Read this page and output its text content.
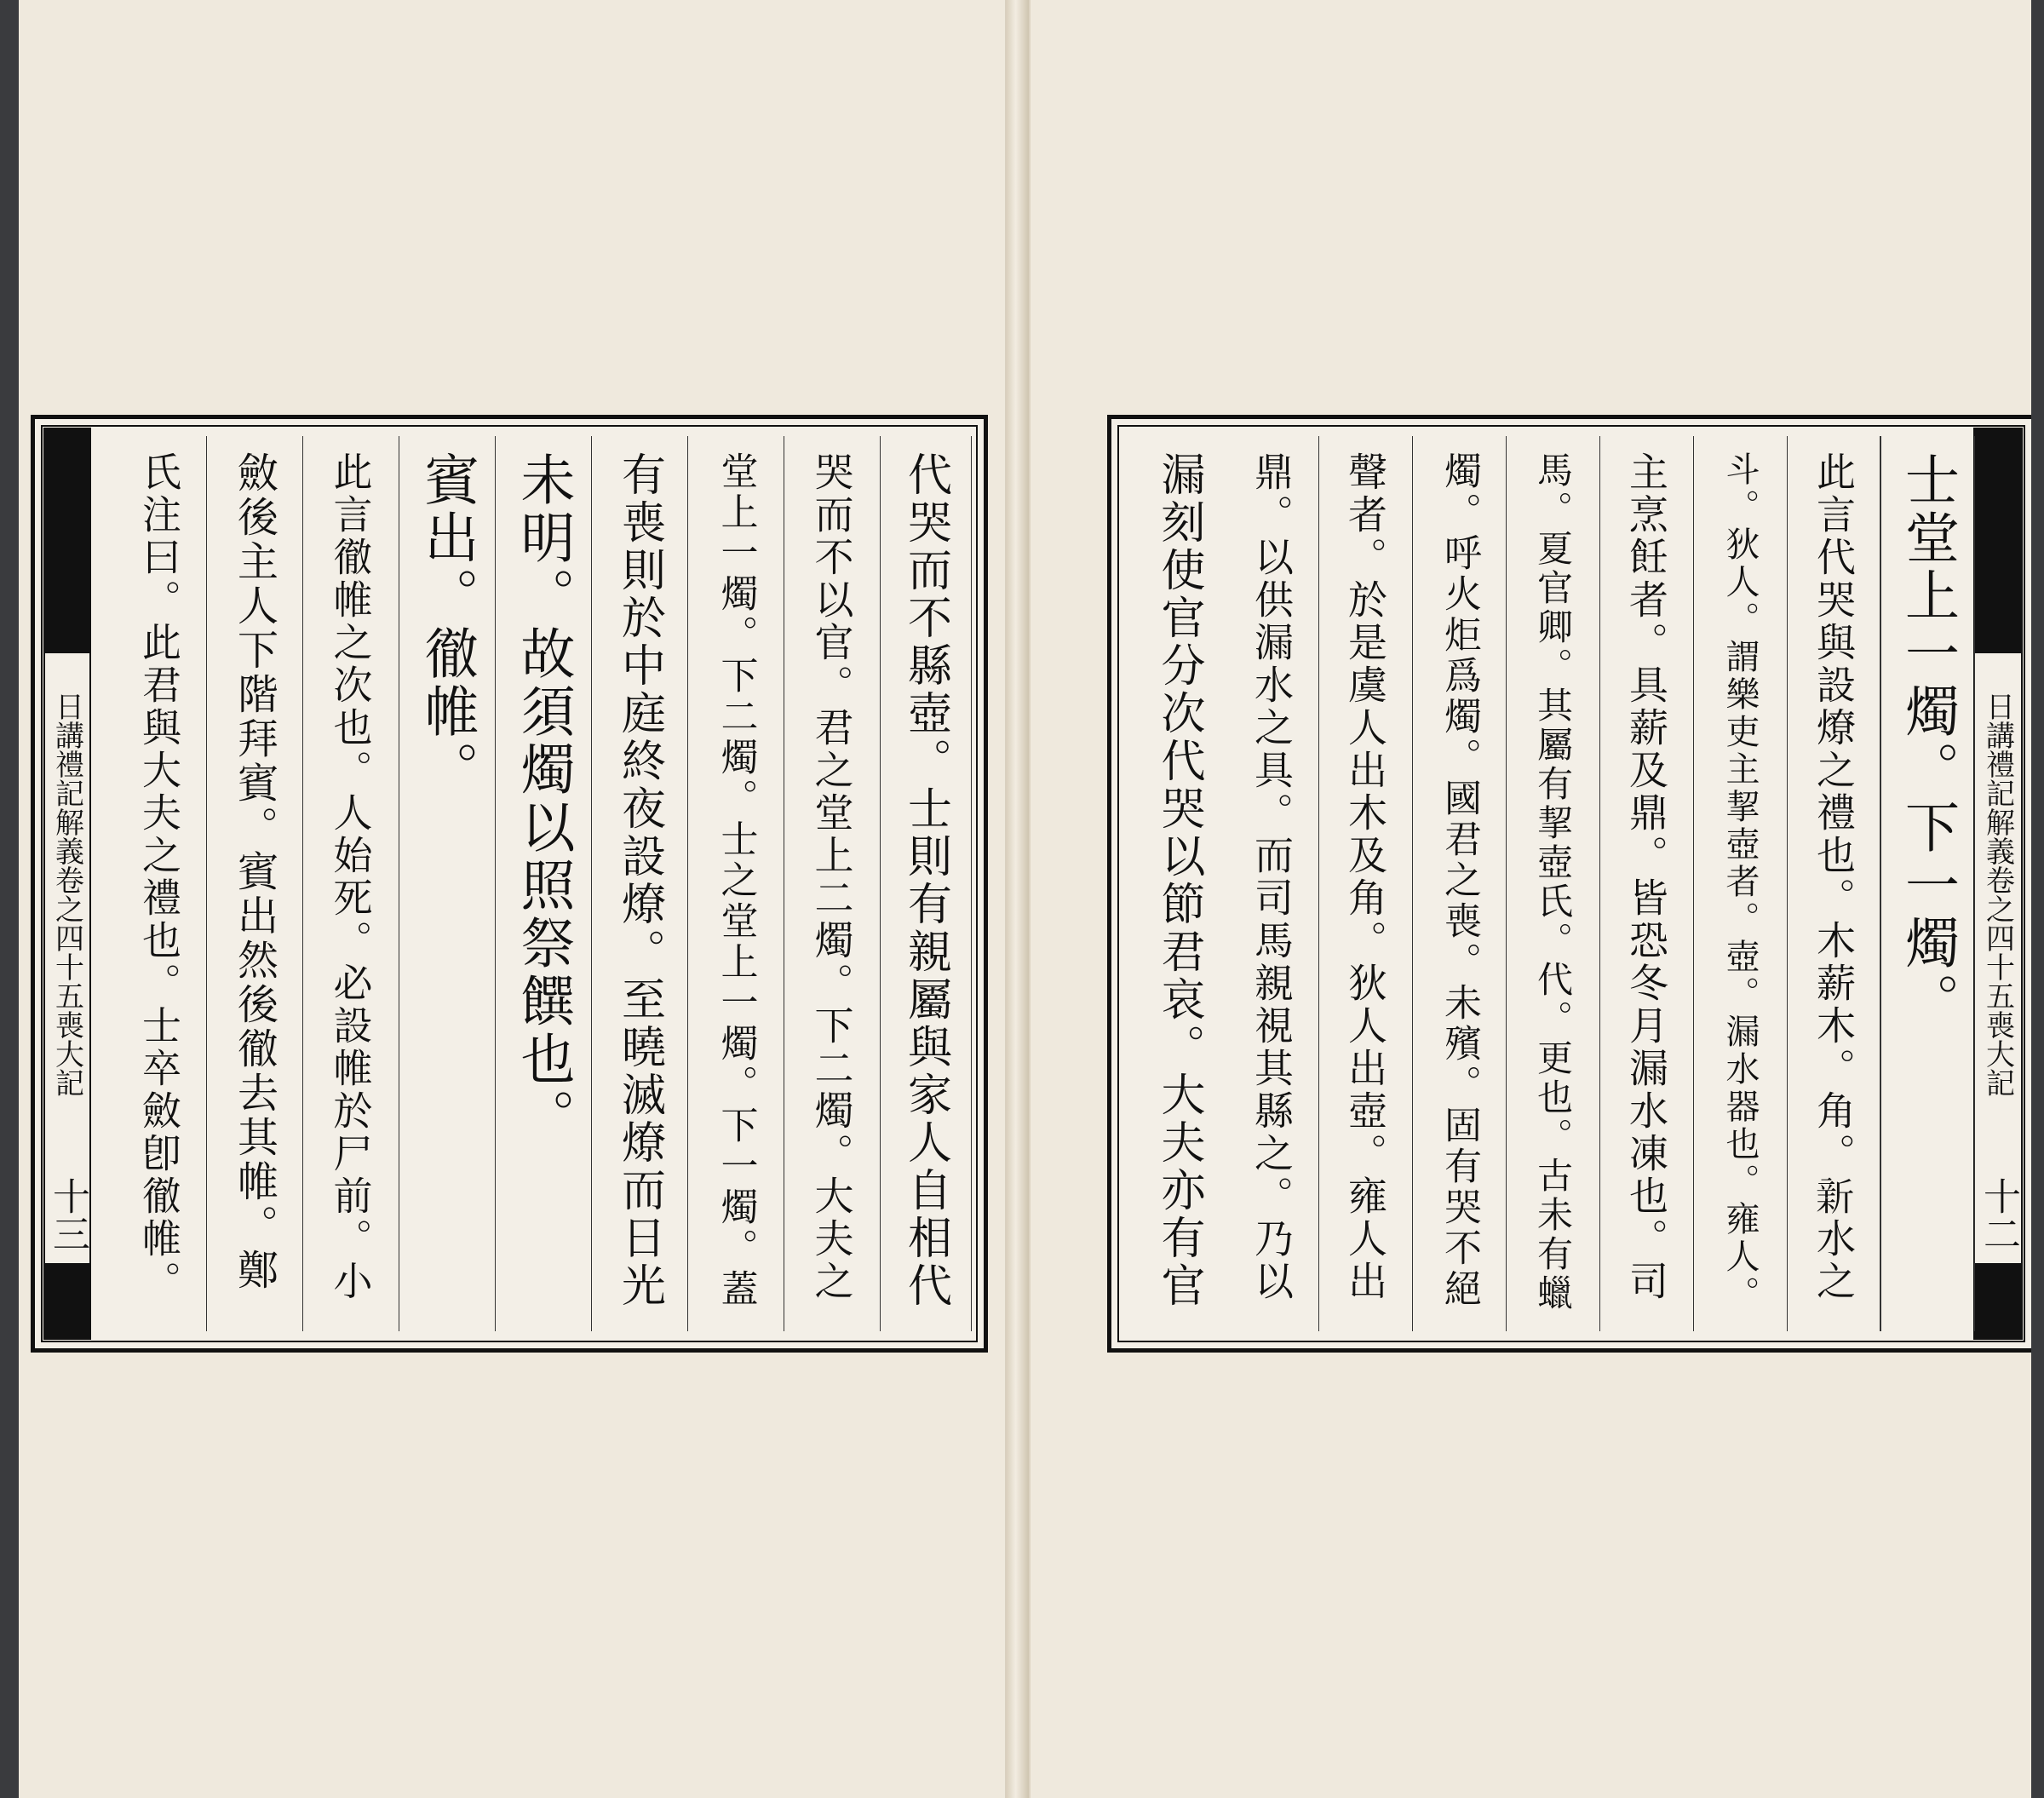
日講禮記解義卷之四十五喪大記
十三	代哭而不縣壺。士則有親屬與家人自相代
哭而不以官。君之堂上二燭。下二燭。大夫之
堂上一燭。下二燭。士之堂上一燭。下一燭。蓋
有喪則於中庭終夜設燎。至曉滅燎而日光
未明。故須燭以照祭饌也。
賓出。徹帷。
此言徹帷之次也。人始死。必設帷於尸前。小
斂後主人下階拜賓。賓出然後徹去其帷。鄭
氏注曰。此君與大夫之禮也。士卒斂卽徹帷。	日講禮記解義卷之四十五喪大記
十二
士堂上一燭。下一燭。
此言代哭與設燎之禮也。木薪木。角。𣂺水之
斗。狄人。謂樂吏主挈壺者。壺。漏水器也。雍人。
主烹飪者。具薪及鼎。皆恐冬月漏水凍也。司
馬。夏官卿。其屬有挈壺氏。代。更也。古未有蠟
燭。呼火炬爲燭。國君之喪。未殯。固有哭不絕
聲者。於是虞人出木及角。狄人出壺。雍人出
鼎。以供漏水之具。而司馬親視其縣之。乃以
漏刻使官分次代哭以節君哀。大夫亦有官
